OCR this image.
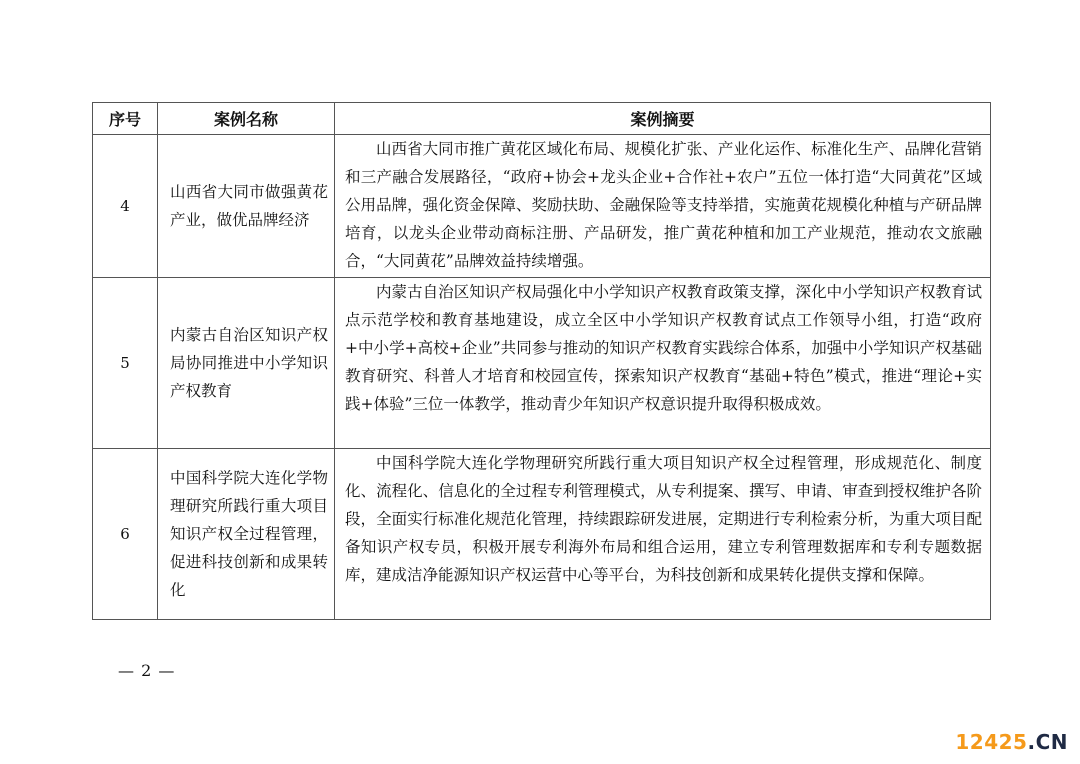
序号	案例名称	案例摘要
4	山西省大同市做强黄花产业，做优品牌经济	山西省大同市推广黄花区域化布局、规模化扩张、产业化运作、标准化生产、品牌化营销和三产融合发展路径，“政府+协会+龙头企业+合作社+农户”五位一体打造“大同黄花”区域公用品牌，强化资金保障、奖励扶助、金融保险等支持举措，实施黄花规模化种植与产研品牌培育，以龙头企业带动商标注册、产品研发，推广黄花种植和加工产业规范，推动农文旅融合，“大同黄花”品牌效益持续增强。
5	内蒙古自治区知识产权局协同推进中小学知识产权教育	内蒙古自治区知识产权局强化中小学知识产权教育政策支撑，深化中小学知识产权教育试点示范学校和教育基地建设，成立全区中小学知识产权教育试点工作领导小组，打造“政府+中小学+高校+企业”共同参与推动的知识产权教育实践综合体系，加强中小学知识产权基础教育研究、科普人才培育和校园宣传，探索知识产权教育“基础+特色”模式，推进“理论+实践+体验”三位一体教学，推动青少年知识产权意识提升取得积极成效。
6	中国科学院大连化学物理研究所践行重大项目知识产权全过程管理，促进科技创新和成果转化	中国科学院大连化学物理研究所践行重大项目知识产权全过程管理，形成规范化、制度化、流程化、信息化的全过程专利管理模式，从专利提案、撰写、申请、审查到授权维护各阶段，全面实行标准化规范化管理，持续跟踪研发进展，定期进行专利检索分析，为重大项目配备知识产权专员，积极开展专利海外布局和组合运用，建立专利管理数据库和专利专题数据库，建成洁净能源知识产权运营中心等平台，为科技创新和成果转化提供支撑和保障。
— 2 —
12425.CN
